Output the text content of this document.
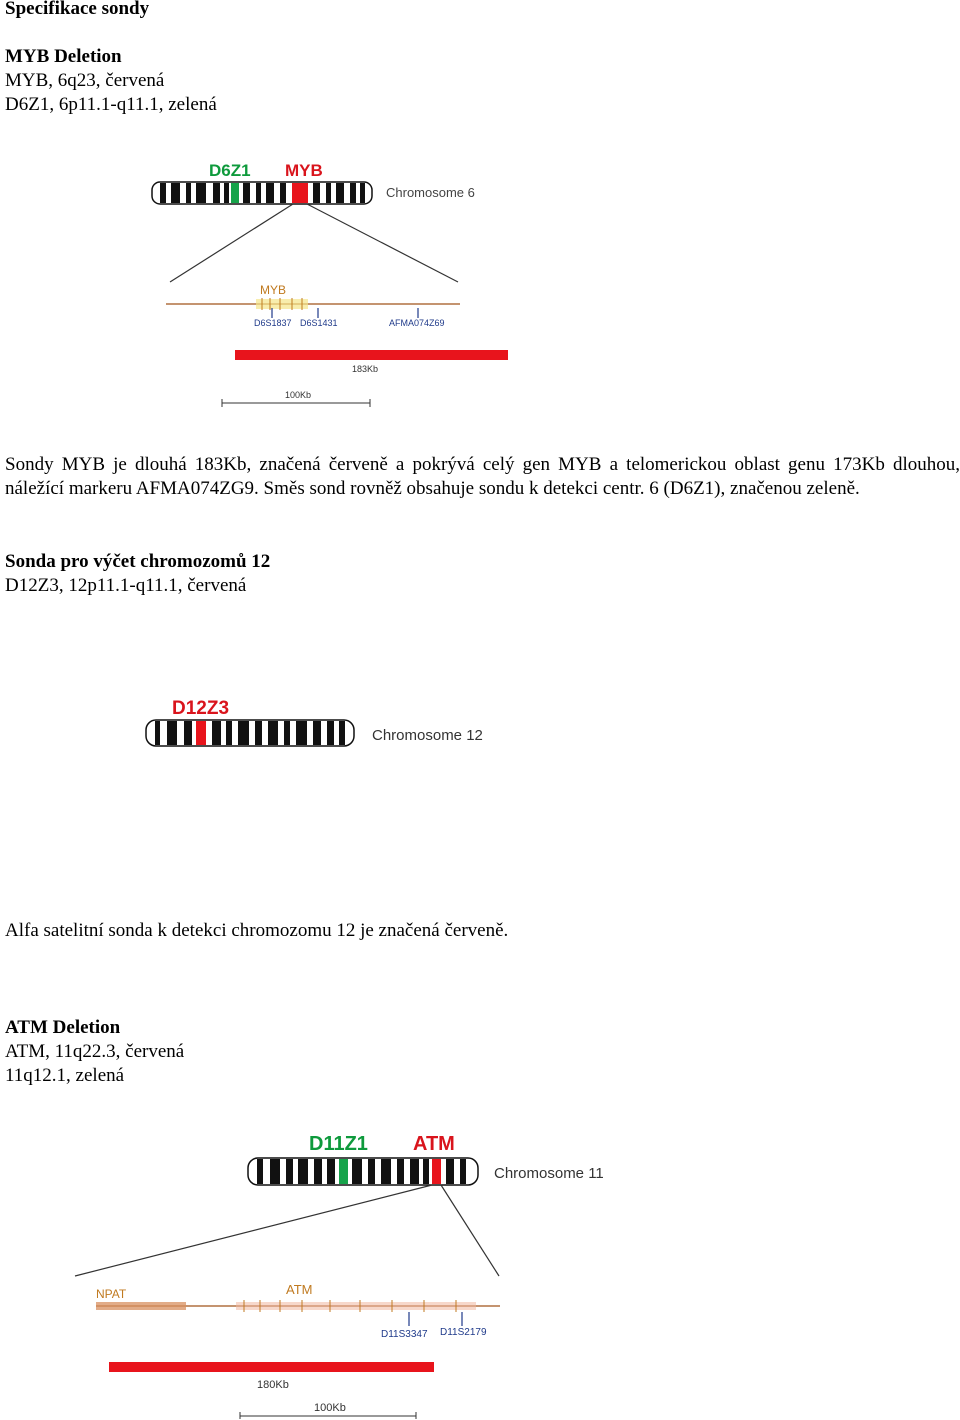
Specifikace sondy
MYB Deletion
MYB, 6q23, červená
D6Z1, 6p11.1-q11.1, zelená
D6Z1 MYB
Chromosome 6
MYB
D6S1837 D6S1431	AFMA074Z69
183Kb
100Kb
Sondy MYB je dlouhá 183Kb, značená červeně a pokrývá celý gen MYB a telomerickou oblast genu 173Kb dlouhou, náležící markeru AFMA074ZG9. Směs sond rovněž obsahuje sondu k detekci centr. 6 (D6Z1), značenou zeleně.
Sonda pro výčet chromozomů 12
D12Z3, 12p11.1-q11.1, červená
D12Z3
Chromosome 12
Alfa satelitní sonda k detekci chromozomu 12 je značená červeně.
ATM Deletion
ATM, 11q22.3, červená
11q12.1, zelená
D11Z1 ATM
Chromosome 11
NPAT	ATM
D11S3347 D11S2179
180Kb
100Kb
